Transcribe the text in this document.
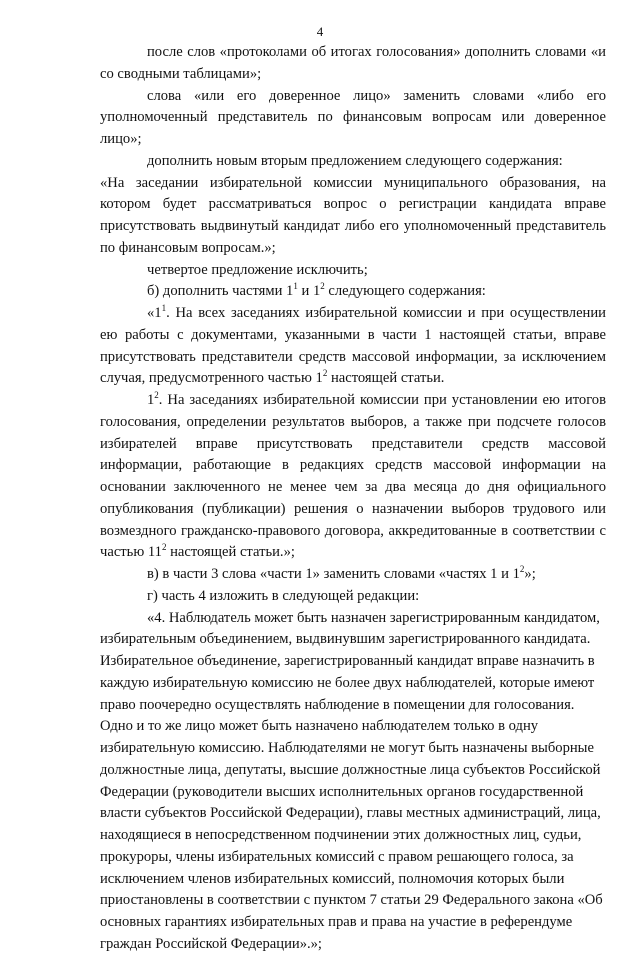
4

после слов «протоколами об итогах голосования» дополнить словами «и со сводными таблицами»;

слова «или его доверенное лицо» заменить словами «либо его уполномоченный представитель по финансовым вопросам или доверенное лицо»;

дополнить новым вторым предложением следующего содержания:

«На заседании избирательной комиссии муниципального образования, на котором будет рассматриваться вопрос о регистрации кандидата вправе присутствовать выдвинутый кандидат либо его уполномоченный представитель по финансовым вопросам.»;

четвертое предложение исключить;

б) дополнить частями $1^1$ и $1^2$ следующего содержания:

«$1^1$. На всех заседаниях избирательной комиссии и при осуществлении ею работы с документами, указанными в части 1 настоящей статьи, вправе присутствовать представители средств массовой информации, за исключением случая, предусмотренного частью $1^2$ настоящей статьи.

$1^2$. На заседаниях избирательной комиссии при установлении ею итогов голосования, определении результатов выборов, а также при подсчете голосов избирателей вправе присутствовать представители средств массовой информации, работающие в редакциях средств массовой информации на основании заключенного не менее чем за два месяца до дня официального опубликования (публикации) решения о назначении выборов трудового или возмездного гражданско-правового договора, аккредитованные в соответствии с частью $11^2$ настоящей статьи.»;

в) в части 3 слова «части 1» заменить словами «частях 1 и $1^2$»;

г) часть 4 изложить в следующей редакции:

«4. Наблюдатель может быть назначен зарегистрированным кандидатом, избирательным объединением, выдвинувшим зарегистрированного кандидата. Избирательное объединение, зарегистрированный кандидат вправе назначить в каждую избирательную комиссию не более двух наблюдателей, которые имеют право поочередно осуществлять наблюдение в помещении для голосования. Одно и то же лицо может быть назначено наблюдателем только в одну избирательную комиссию. Наблюдателями не могут быть назначены выборные должностные лица, депутаты, высшие должностные лица субъектов Российской Федерации (руководители высших исполнительных органов государственной власти субъектов Российской Федерации), главы местных администраций, лица, находящиеся в непосредственном подчинении этих должностных лиц, судьи, прокуроры, члены избирательных комиссий с правом решающего голоса, за исключением членов избирательных комиссий, полномочия которых были приостановлены в соответствии с пунктом 7 статьи 29 Федерального закона «Об основных гарантиях избирательных прав и права на участие в референдуме граждан Российской Федерации».»;
